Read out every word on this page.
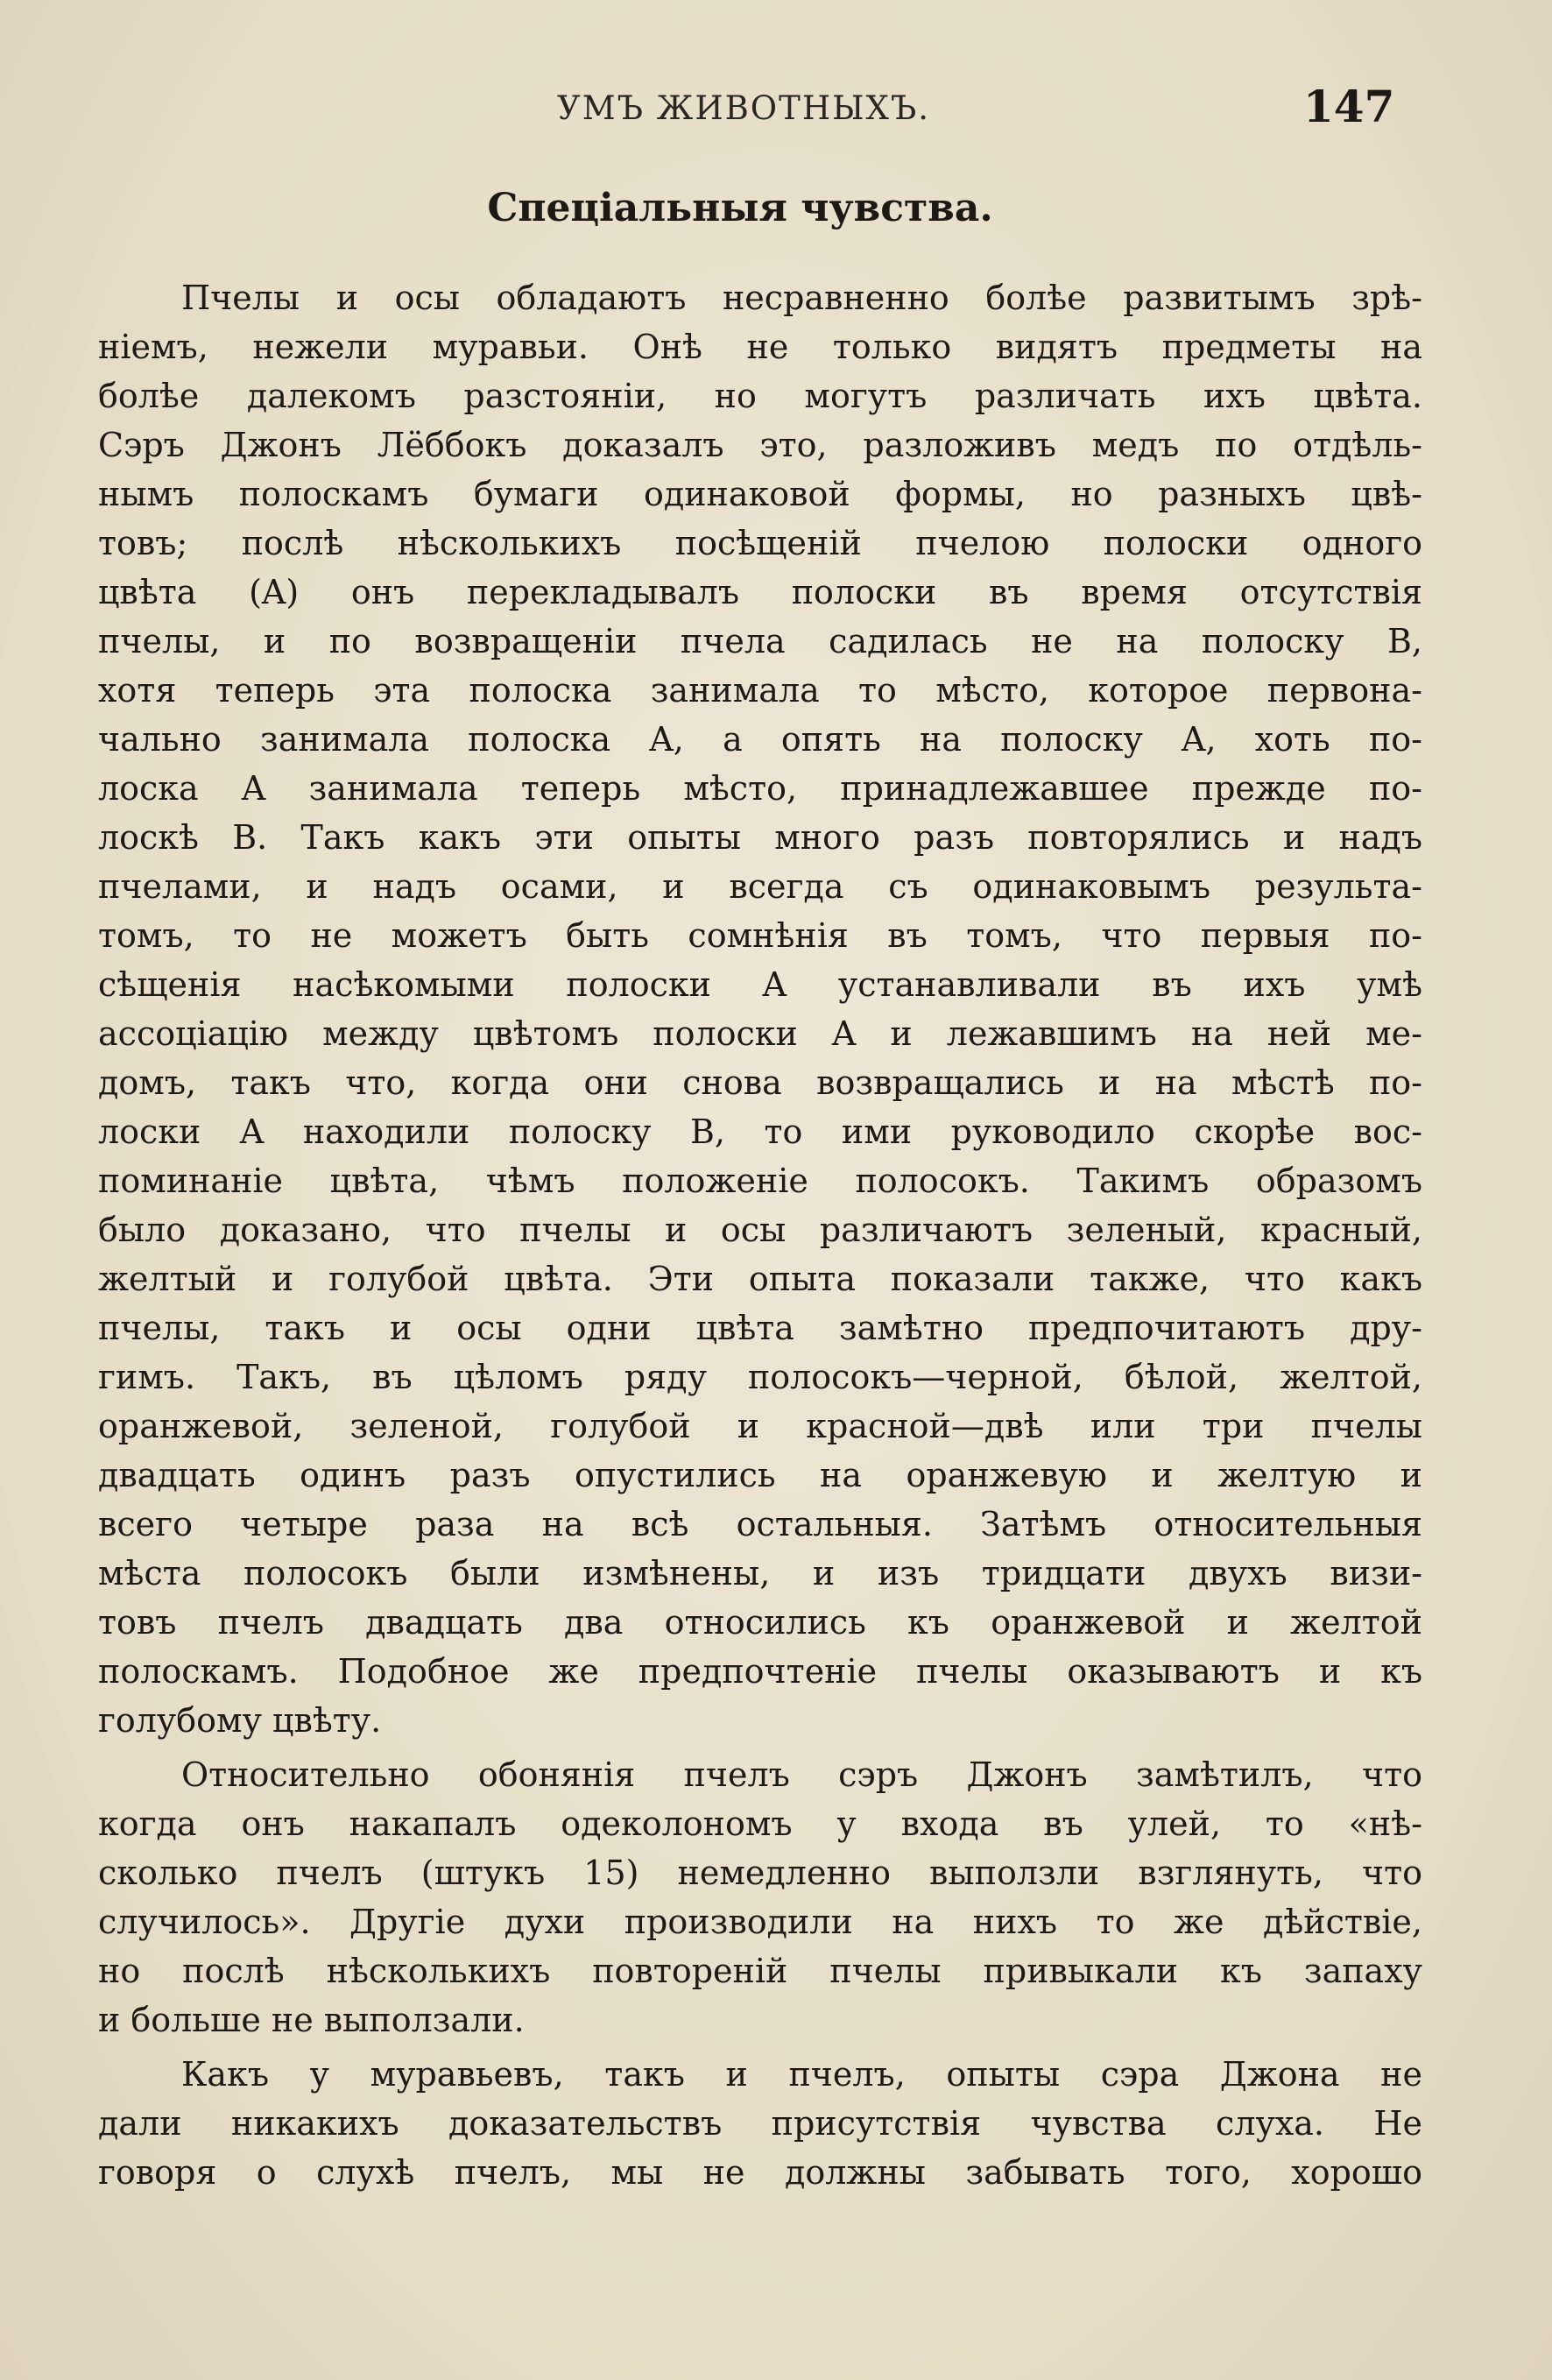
УМЪ ЖИВОТНЫХЪ.	147
Спеціальныя чувства.
Пчелы и осы обладаютъ несравненно болѣе развитымъ зрѣ-
ніемъ, нежели муравьи. Онѣ не только видятъ предметы на
болѣе далекомъ разстояніи, но могутъ различать ихъ цвѣта.
Сэръ Джонъ Лёббокъ доказалъ это, разложивъ медъ по отдѣль-
нымъ полоскамъ бумаги одинаковой формы, но разныхъ цвѣ-
товъ; послѣ нѣсколькихъ посѣщеній пчелою полоски одного
цвѣта (A) онъ перекладывалъ полоски въ время отсутствія
пчелы, и по возвращеніи пчела садилась не на полоску B,
хотя теперь эта полоска занимала то мѣсто, которое первона-
чально занимала полоска A, а опять на полоску A, хоть по-
лоска A занимала теперь мѣсто, принадлежавшее прежде по-
лоскѣ B. Такъ какъ эти опыты много разъ повторялись и надъ
пчелами, и надъ осами, и всегда съ одинаковымъ результа-
томъ, то не можетъ быть сомнѣнія въ томъ, что первыя по-
сѣщенія насѣкомыми полоски A устанавливали въ ихъ умѣ
ассоціацію между цвѣтомъ полоски A и лежавшимъ на ней ме-
домъ, такъ что, когда они снова возвращались и на мѣстѣ по-
лоски A находили полоску B, то ими руководило скорѣе вос-
поминаніе цвѣта, чѣмъ положеніе полосокъ. Такимъ образомъ
было доказано, что пчелы и осы различаютъ зеленый, красный,
желтый и голубой цвѣта. Эти опыта показали также, что какъ
пчелы, такъ и осы одни цвѣта замѣтно предпочитаютъ дру-
гимъ. Такъ, въ цѣломъ ряду полосокъ—черной, бѣлой, желтой,
оранжевой, зеленой, голубой и красной—двѣ или три пчелы
двадцать одинъ разъ опустились на оранжевую и желтую и
всего четыре раза на всѣ остальныя. Затѣмъ относительныя
мѣста полосокъ были измѣнены, и изъ тридцати двухъ визи-
товъ пчелъ двадцать два относились къ оранжевой и желтой
полоскамъ. Подобное же предпочтеніе пчелы оказываютъ и къ
голубому цвѣту.
Относительно обонянія пчелъ сэръ Джонъ замѣтилъ, что
когда онъ накапалъ одеколономъ у входа въ улей, то «нѣ-
сколько пчелъ (штукъ 15) немедленно выползли взглянуть, что
случилось». Другіе духи производили на нихъ то же дѣйствіе,
но послѣ нѣсколькихъ повтореній пчелы привыкали къ запаху
и больше не выползали.
Какъ у муравьевъ, такъ и пчелъ, опыты сэра Джона не
дали никакихъ доказательствъ присутствія чувства слуха. Не
говоря о слухѣ пчелъ, мы не должны забывать того, хорошо
